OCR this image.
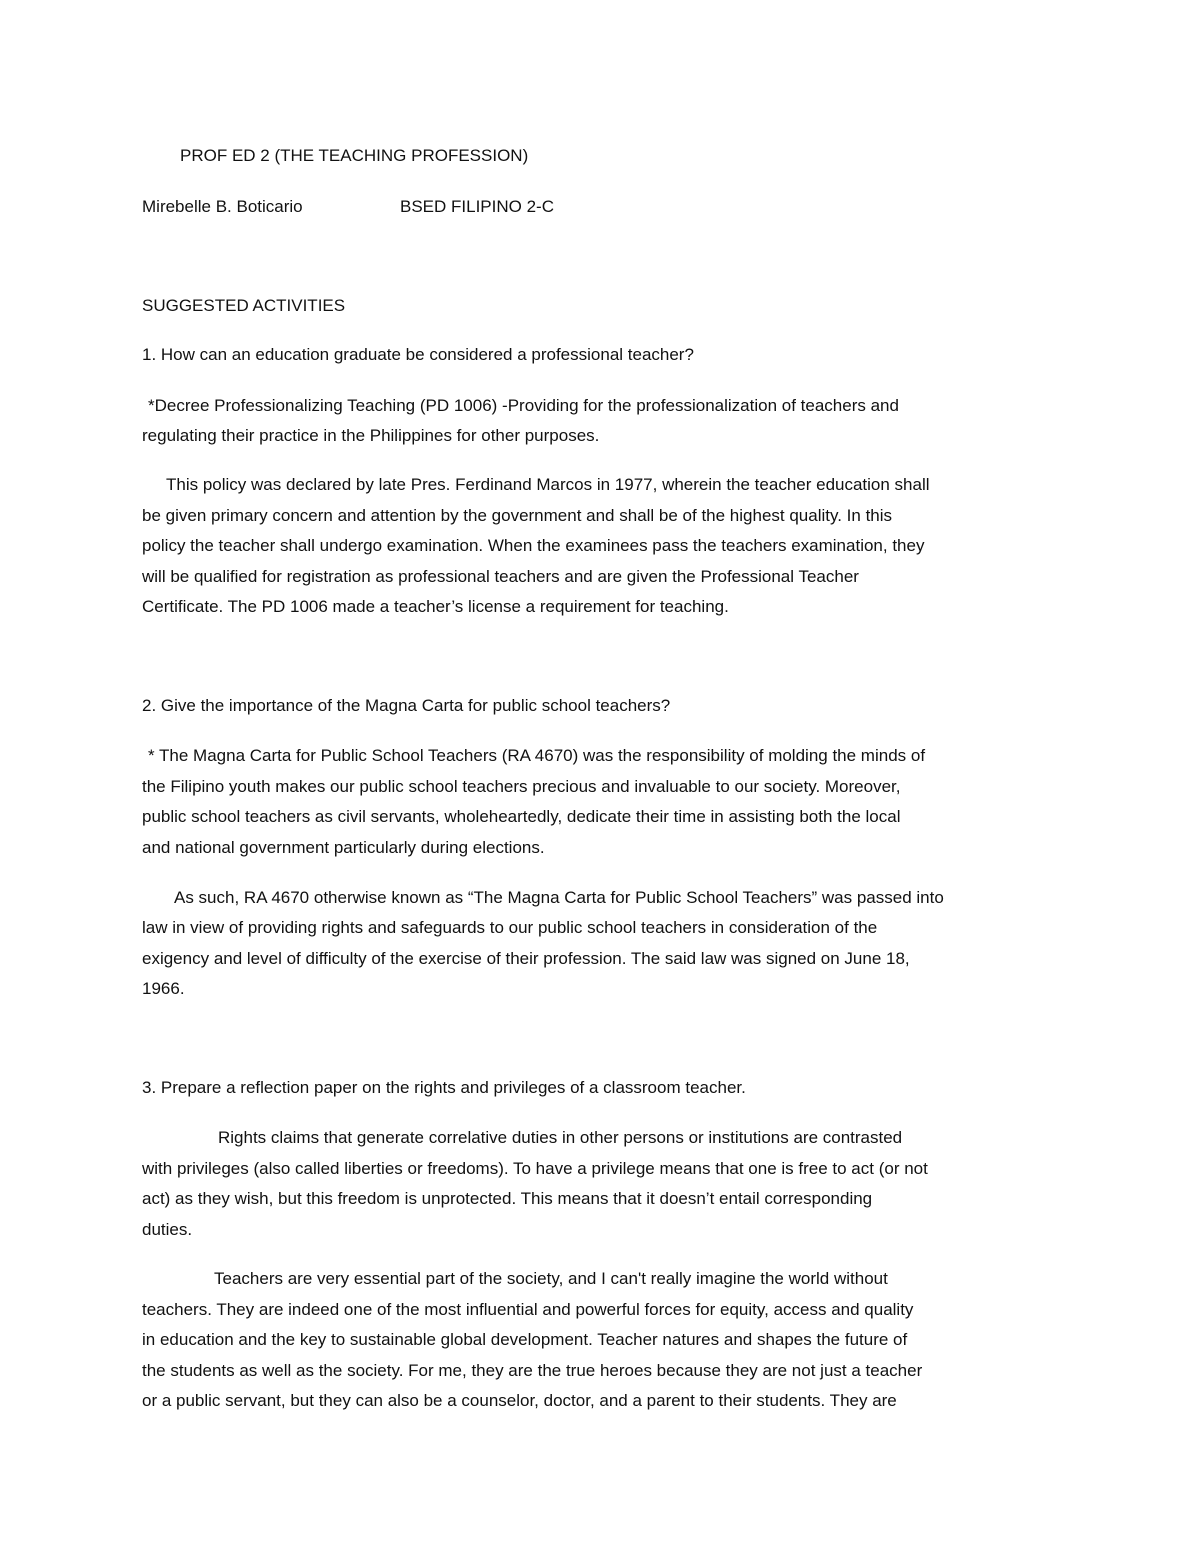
PROF ED 2 (THE TEACHING PROFESSION)

Mirebelle B. Boticario	BSED FILIPINO 2-C

SUGGESTED ACTIVITIES

1. How can an education graduate be considered a professional teacher?

*Decree Professionalizing Teaching (PD 1006) -Providing for the professionalization of teachers and

regulating their practice in the Philippines for other purposes.

This policy was declared by late Pres. Ferdinand Marcos in 1977, wherein the teacher education shall

be given primary concern and attention by the government and shall be of the highest quality. In this

policy the teacher shall undergo examination. When the examinees pass the teachers examination, they

will be qualified for registration as professional teachers and are given the Professional Teacher

Certificate. The PD 1006 made a teacher’s license a requirement for teaching.

2. Give the importance of the Magna Carta for public school teachers?

* The Magna Carta for Public School Teachers (RA 4670) was the responsibility of molding the minds of

the Filipino youth makes our public school teachers precious and invaluable to our society. Moreover,

public school teachers as civil servants, wholeheartedly, dedicate their time in assisting both the local

and national government particularly during elections.

As such, RA 4670 otherwise known as “The Magna Carta for Public School Teachers” was passed into

law in view of providing rights and safeguards to our public school teachers in consideration of the

exigency and level of difficulty of the exercise of their profession. The said law was signed on June 18,

1966.

3. Prepare a reflection paper on the rights and privileges of a classroom teacher.

Rights claims that generate correlative duties in other persons or institutions are contrasted

with privileges (also called liberties or freedoms). To have a privilege means that one is free to act (or not

act) as they wish, but this freedom is unprotected. This means that it doesn’t entail corresponding

duties.

Teachers are very essential part of the society, and I can't really imagine the world without

teachers. They are indeed one of the most influential and powerful forces for equity, access and quality

in education and the key to sustainable global development. Teacher natures and shapes the future of

the students as well as the society. For me, they are the true heroes because they are not just a teacher

or a public servant, but they can also be a counselor, doctor, and a parent to their students. They are
